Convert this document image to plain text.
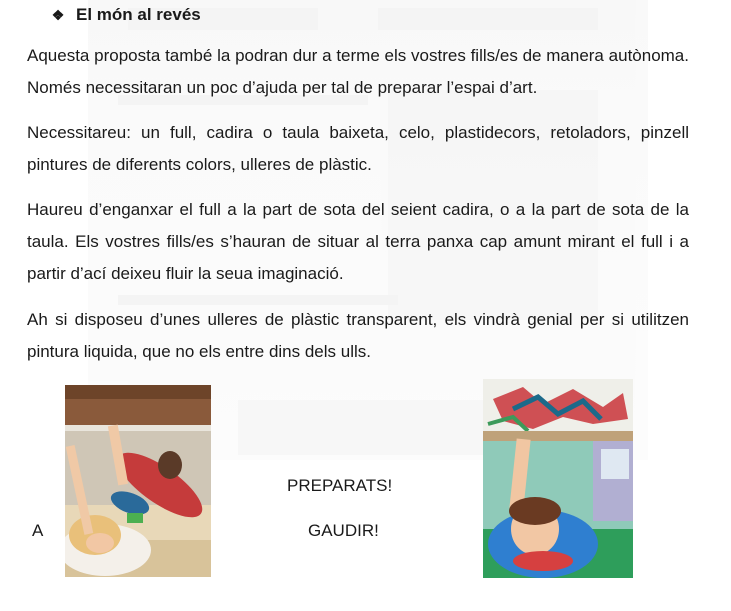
❖ El món al revés

Aquesta proposta també la podran dur a terme els vostres fills/es de manera autònoma. Només necessitaran un poc d’ajuda per tal de preparar l’espai d’art.

Necessitareu: un full, cadira o taula baixeta, celo, plastidecors, retoladors, pinzell pintures de diferents colors, ulleres de plàstic.

Haureu d’enganxar el full a la part de sota del seient cadira, o a la part de sota de la taula. Els vostres fills/es s’hauran de situar al terra panxa cap amunt mirant el full i a partir d’ací deixeu fluir la seua imaginació.

Ah si disposeu d’unes ulleres de plàstic transparent, els vindrà genial per si utilitzen pintura liquida, que no els entre dins dels ulls.

A
PREPARATS!
GAUDIR!
